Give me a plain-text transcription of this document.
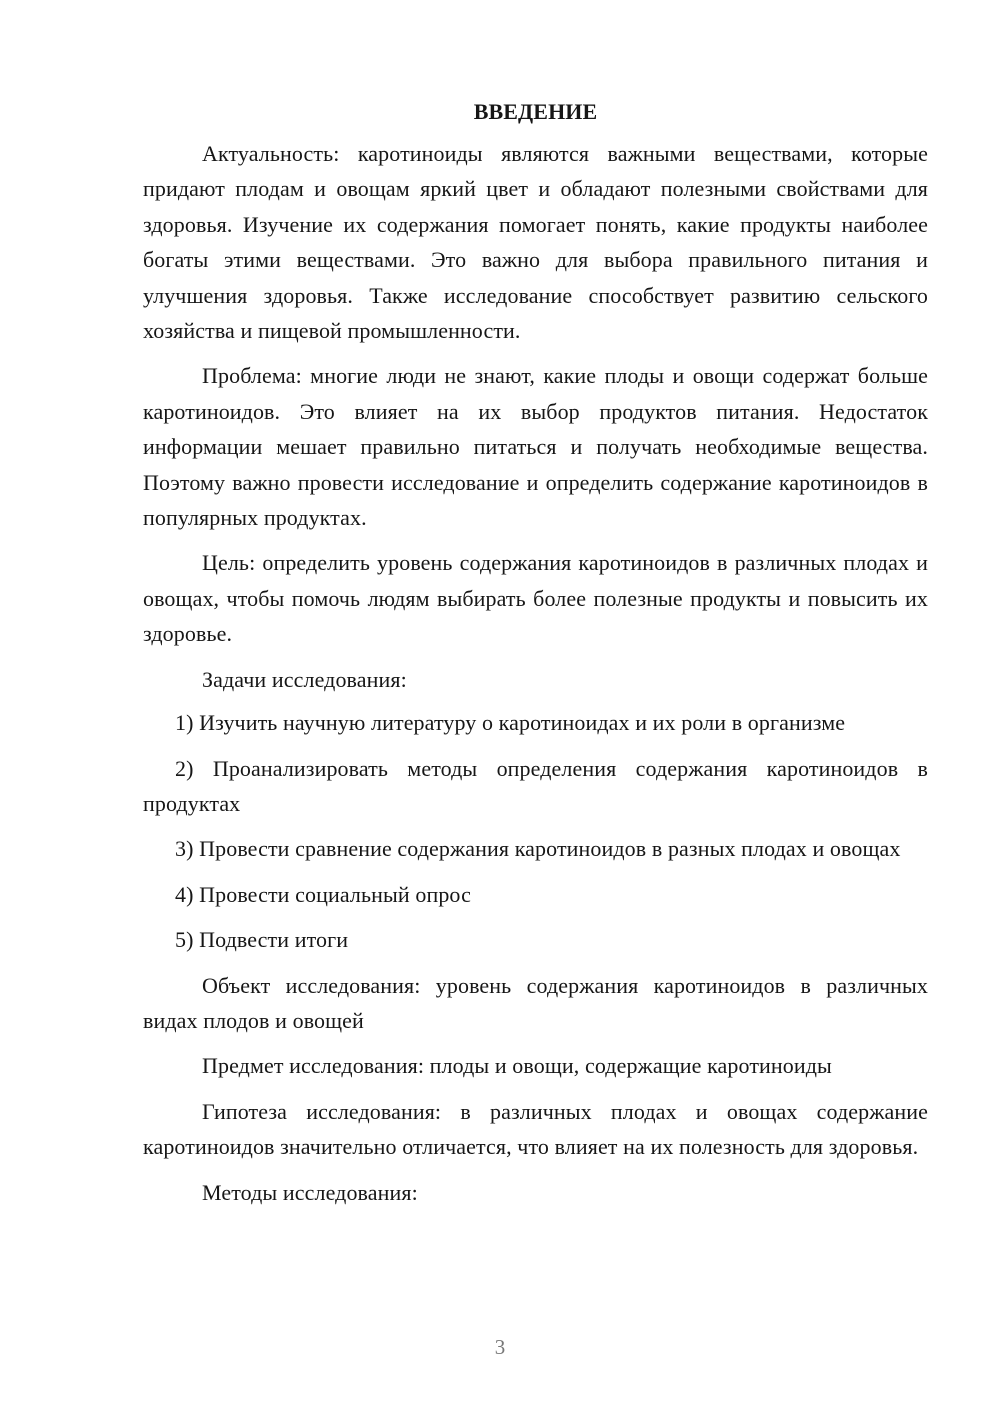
ВВЕДЕНИЕ

Актуальность: каротиноиды являются важными веществами, которые придают плодам и овощам яркий цвет и обладают полезными свойствами для здоровья. Изучение их содержания помогает понять, какие продукты наиболее богаты этими веществами. Это важно для выбора правильного питания и улучшения здоровья. Также исследование способствует развитию сельского хозяйства и пищевой промышленности.

Проблема: многие люди не знают, какие плоды и овощи содержат больше каротиноидов. Это влияет на их выбор продуктов питания. Недостаток информации мешает правильно питаться и получать необходимые вещества. Поэтому важно провести исследование и определить содержание каротиноидов в популярных продуктах.

Цель: определить уровень содержания каротиноидов в различных плодах и овощах, чтобы помочь людям выбирать более полезные продукты и повысить их здоровье.

Задачи исследования:

1) Изучить научную литературу о каротиноидах и их роли в организме

2) Проанализировать методы определения содержания каротиноидов в продуктах

3) Провести сравнение содержания каротиноидов в разных плодах и овощах

4) Провести социальный опрос

5) Подвести итоги

Объект исследования: уровень содержания каротиноидов в различных видах плодов и овощей

Предмет исследования: плоды и овощи, содержащие каротиноиды

Гипотеза исследования: в различных плодах и овощах содержание каротиноидов значительно отличается, что влияет на их полезность для здоровья.

Методы исследования:

3
